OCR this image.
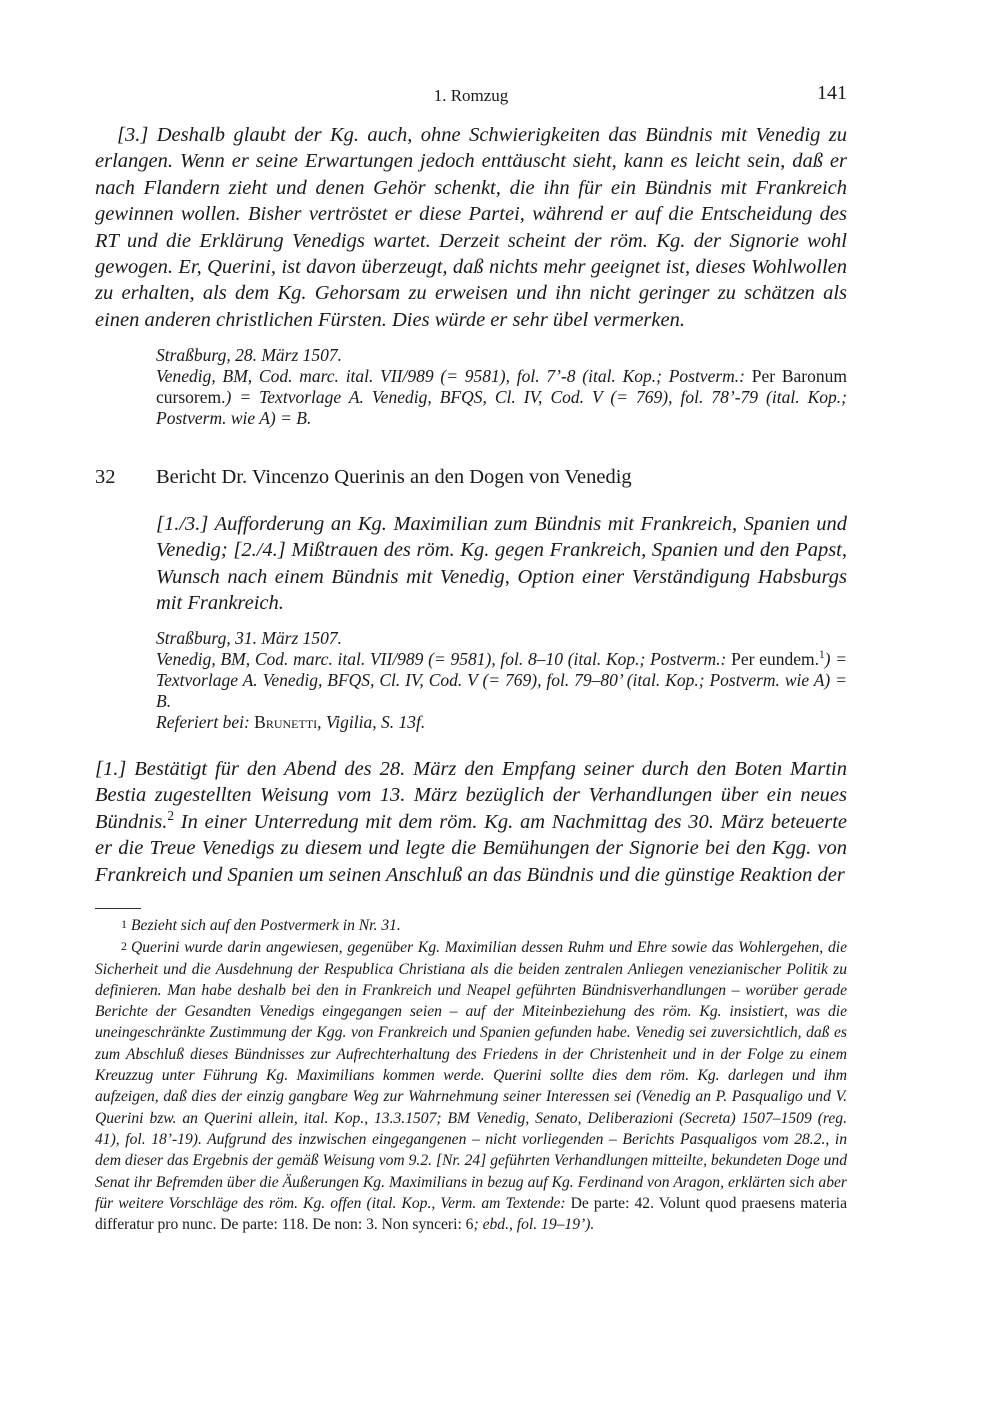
1. Romzug	141

[3.] Deshalb glaubt der Kg. auch, ohne Schwierigkeiten das Bündnis mit Venedig zu erlangen. Wenn er seine Erwartungen jedoch enttäuscht sieht, kann es leicht sein, daß er nach Flandern zieht und denen Gehör schenkt, die ihn für ein Bündnis mit Frankreich gewinnen wollen. Bisher vertröstet er diese Partei, während er auf die Entscheidung des RT und die Erklärung Venedigs wartet. Derzeit scheint der röm. Kg. der Signorie wohl gewogen. Er, Querini, ist davon überzeugt, daß nichts mehr geeignet ist, dieses Wohlwollen zu erhalten, als dem Kg. Gehorsam zu erweisen und ihn nicht geringer zu schätzen als einen anderen christlichen Fürsten. Dies würde er sehr übel vermerken.

Straßburg, 28. März 1507.

Venedig, BM, Cod. marc. ital. VII/989 (= 9581), fol. 7’-8 (ital. Kop.; Postverm.: Per Baronum cursorem.) = Textvorlage A. Venedig, BFQS, Cl. IV, Cod. V (= 769), fol. 78’-79 (ital. Kop.; Postverm. wie A) = B.

32 Bericht Dr. Vincenzo Querinis an den Dogen von Venedig

[1./3.] Aufforderung an Kg. Maximilian zum Bündnis mit Frankreich, Spanien und Venedig; [2./4.] Mißtrauen des röm. Kg. gegen Frankreich, Spanien und den Papst, Wunsch nach einem Bündnis mit Venedig, Option einer Verständigung Habsburgs mit Frankreich.

Straßburg, 31. März 1507.

Venedig, BM, Cod. marc. ital. VII/989 (= 9581), fol. 8–10 (ital. Kop.; Postverm.: Per eundem.$^1$) = Textvorlage A. Venedig, BFQS, Cl. IV, Cod. V (= 769), fol. 79–80’ (ital. Kop.; Postverm. wie A) = B.

Referiert bei: Brunetti, Vigilia, S. 13f.

[1.] Bestätigt für den Abend des 28. März den Empfang seiner durch den Boten Martin Bestia zugestellten Weisung vom 13. März bezüglich der Verhandlungen über ein neues Bündnis.$^2$ In einer Unterredung mit dem röm. Kg. am Nachmittag des 30. März beteuerte er die Treue Venedigs zu diesem und legte die Bemühungen der Signorie bei den Kgg. von Frankreich und Spanien um seinen Anschluß an das Bündnis und die günstige Reaktion der

1 Bezieht sich auf den Postvermerk in Nr. 31.

2 Querini wurde darin angewiesen, gegenüber Kg. Maximilian dessen Ruhm und Ehre sowie das Wohlergehen, die Sicherheit und die Ausdehnung der Respublica Christiana als die beiden zentralen Anliegen venezianischer Politik zu definieren. Man habe deshalb bei den in Frankreich und Neapel geführten Bündnisverhandlungen – worüber gerade Berichte der Gesandten Venedigs eingegangen seien – auf der Miteinbeziehung des röm. Kg. insistiert, was die uneingeschränkte Zustimmung der Kgg. von Frankreich und Spanien gefunden habe. Venedig sei zuversichtlich, daß es zum Abschluß dieses Bündnisses zur Aufrechterhaltung des Friedens in der Christenheit und in der Folge zu einem Kreuzzug unter Führung Kg. Maximilians kommen werde. Querini sollte dies dem röm. Kg. darlegen und ihm aufzeigen, daß dies der einzig gangbare Weg zur Wahrnehmung seiner Interessen sei (Venedig an P. Pasqualigo und V. Querini bzw. an Querini allein, ital. Kop., 13.3.1507; BM Venedig, Senato, Deliberazioni (Secreta) 1507–1509 (reg. 41), fol. 18’-19). Aufgrund des inzwischen eingegangenen – nicht vorliegenden – Berichts Pasqualigos vom 28.2., in dem dieser das Ergebnis der gemäß Weisung vom 9.2. [Nr. 24] geführten Verhandlungen mitteilte, bekundeten Doge und Senat ihr Befremden über die Äußerungen Kg. Maximilians in bezug auf Kg. Ferdinand von Aragon, erklärten sich aber für weitere Vorschläge des röm. Kg. offen (ital. Kop., Verm. am Textende: De parte: 42. Volunt quod praesens materia differatur pro nunc. De parte: 118. De non: 3. Non synceri: 6; ebd., fol. 19–19’).
